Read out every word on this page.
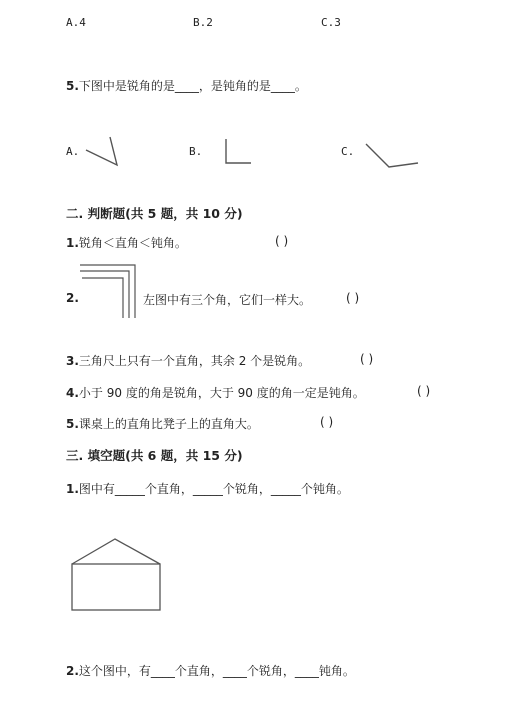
A.4	B.2	C.3
5.下图中是锐角的是____，是钝角的是____。
A.	B.	C.
二. 判断题(共 5 题，共 10 分)
1.锐角＜直角＜钝角。	( )
2.	左图中有三个角，它们一样大。	( )
3.三角尺上只有一个直角，其余 2 个是锐角。	( )
4.小于 90 度的角是锐角，大于 90 度的角一定是钝角。	( )
5.课桌上的直角比凳子上的直角大。	( )
三. 填空题(共 6 题，共 15 分)
1.图中有_____个直角，_____个锐角，_____个钝角。
2.这个图中，有____个直角，____个锐角，____钝角。
